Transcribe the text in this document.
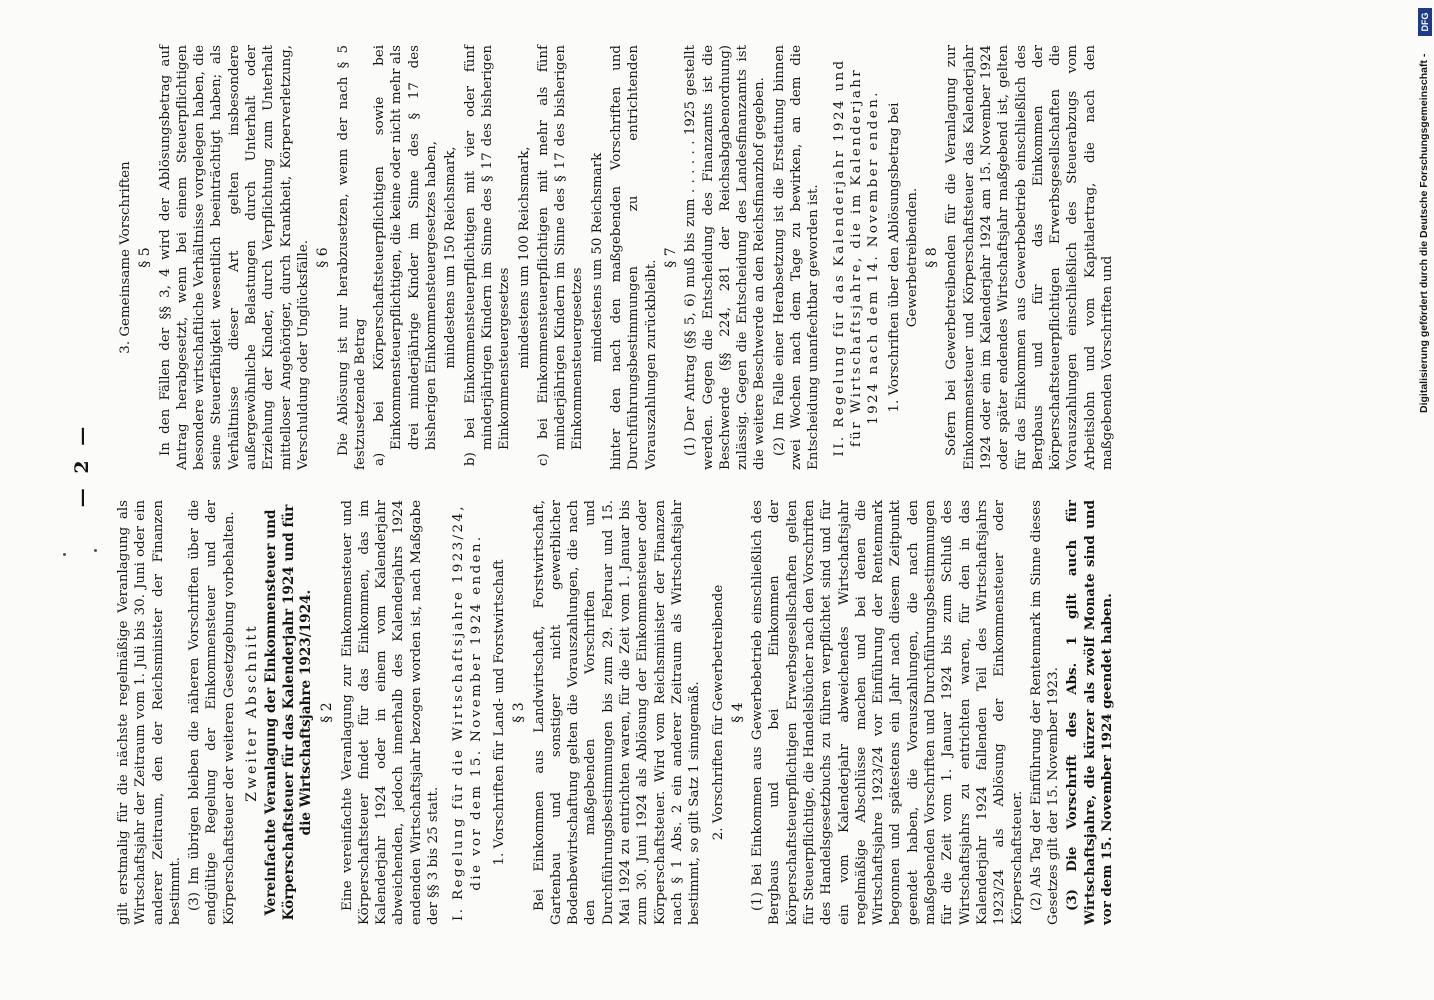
— 2 —

gilt erstmalig für die nächste regelmäßige Veranlagung als Wirtschaftsjahr der Zeitraum vom 1. Juli bis 30. Juni oder ein anderer Zeitraum, den der Reichsminister der Finanzen bestimmt. (3) Im übrigen bleiben die näheren Vorschriften über die endgültige Regelung der Einkommensteuer und der Körperschaftsteuer der weiteren Gesetzgebung vorbehalten. Zweiter Abschnitt Vereinfachte Veranlagung der Einkommensteuer und Körperschaftsteuer für das Kalenderjahr 1924 und für die Wirtschaftsjahre 1923/1924. § 2 Eine vereinfachte Veranlagung zur Einkommensteuer und Körperschaftsteuer findet für das Einkommen, das im Kalenderjahr 1924 oder in einem vom Kalenderjahr abweichenden, jedoch innerhalb des Kalenderjahrs 1924 endenden Wirtschaftsjahr bezogen worden ist, nach Maßgabe der §§ 3 bis 25 statt. I. Regelung für die Wirtschaftsjahre 1923/24, die vor dem 15. November 1924 enden. 1. Vorschriften für Land- und Forstwirtschaft § 3 Bei Einkommen aus Landwirtschaft, Forstwirtschaft, Gartenbau und sonstiger nicht gewerblicher Bodenbewirtschaftung gelten die Vorauszahlungen, die nach den maßgebenden Vorschriften und Durchführungsbestimmungen bis zum 29. Februar und 15. Mai 1924 zu entrichten waren, für die Zeit vom 1. Januar bis zum 30. Juni 1924 als Ablösung der Einkommensteuer oder Körperschaftsteuer. Wird vom Reichsminister der Finanzen nach § 1 Abs. 2 ein anderer Zeitraum als Wirtschaftsjahr bestimmt, so gilt Satz 1 sinngemäß. 2. Vorschriften für Gewerbetreibende § 4 (1) Bei Einkommen aus Gewerbebetrieb einschließlich des Bergbaus und bei Einkommen der körperschaftsteuerpflichtigen Erwerbsgesellschaften gelten für Steuerpflichtige, die Handelsbücher nach den Vorschriften des Handelsgesetzbuchs zu führen verpflichtet sind und für ein vom Kalenderjahr abweichendes Wirtschaftsjahr regelmäßige Abschlüsse machen und bei denen die Wirtschaftsjahre 1923/24 vor Einführung der Rentenmark begonnen und spätestens ein Jahr nach diesem Zeitpunkt geendet haben, die Vorauszahlungen, die nach den maßgebenden Vorschriften und Durchführungsbestimmungen für die Zeit vom 1. Januar 1924 bis zum Schluß des Wirtschaftsjahrs zu entrichten waren, für den in das Kalenderjahr 1924 fallenden Teil des Wirtschaftsjahrs 1923/24 als Ablösung der Einkommensteuer oder Körperschaftsteuer. (2) Als Tag der Einführung der Rentenmark im Sinne dieses Gesetzes gilt der 15. November 1923. (3) Die Vorschrift des Abs. 1 gilt auch für Wirtschaftsjahre, die kürzer als zwölf Monate sind und vor dem 15. November 1924 geendet haben.

3. Gemeinsame Vorschriften § 5 In den Fällen der §§ 3, 4 wird der Ablösungsbetrag auf Antrag herabgesetzt, wenn bei einem Steuerpflichtigen besondere wirtschaftliche Verhältnisse vorgelegen haben, die seine Steuerfähigkeit wesentlich beeinträchtigt haben; als Verhältnisse dieser Art gelten insbesondere außergewöhnliche Belastungen durch Unterhalt oder Erziehung der Kinder, durch Verpflichtung zum Unterhalt mittelloser Angehöriger, durch Krankheit, Körperverletzung, Verschuldung oder Unglücksfälle. § 6 Die Ablösung ist nur herabzusetzen, wenn der nach § 5 festzusetzende Betrag a) bei Körperschaftsteuerpflichtigen sowie bei Einkommensteuerpflichtigen, die keine oder nicht mehr als drei minderjährige Kinder im Sinne des § 17 des bisherigen Einkommensteuergesetzes haben, mindestens um 150 Reichsmark, b) bei Einkommensteuerpflichtigen mit vier oder fünf minderjährigen Kindern im Sinne des § 17 des bisherigen Einkommensteuergesetzes mindestens um 100 Reichsmark, c) bei Einkommensteuerpflichtigen mit mehr als fünf minderjährigen Kindern im Sinne des § 17 des bisherigen Einkommensteuergesetzes mindestens um 50 Reichsmark hinter den nach den maßgebenden Vorschriften und Durchführungsbestimmungen zu entrichtenden Vorauszahlungen zurückbleibt.

§ 7 (1) Der Antrag (§§ 5, 6) muß bis zum . . . . . . 1925 gestellt werden. Gegen die Entscheidung des Finanzamts ist die Beschwerde (§§ 224, 281 der Reichsabgabenordnung) zulässig. Gegen die Entscheidung des Landesfinanzamts ist die weitere Beschwerde an den Reichsfinanzhof gegeben. (2) Im Falle einer Herabsetzung ist die Erstattung binnen zwei Wochen nach dem Tage zu bewirken, an dem die Entscheidung unanfechtbar geworden ist. II. Regelung für das Kalenderjahr 1924 und für Wirtschaftsjahre, die im Kalenderjahr 1924 nach dem 14. November enden. 1. Vorschriften über den Ablösungsbetrag bei Gewerbetreibenden. § 8 Sofern bei Gewerbetreibenden für die Veranlagung zur Einkommensteuer und Körperschaftsteuer das Kalenderjahr 1924 oder ein im Kalenderjahr 1924 am 15. November 1924 oder später endendes Wirtschaftsjahr maßgebend ist, gelten für das Einkommen aus Gewerbebetrieb einschließlich des Bergbaus und für das Einkommen der körperschaftsteuerpflichtigen Erwerbsgesellschaften die Vorauszahlungen einschließlich des Steuerabzugs vom Arbeitslohn und vom Kapitalertrag, die nach den maßgebenden Vorschriften und	Digitalisierung gefördert durch die Deutsche Forschungsgemeinschaft -
DFG
